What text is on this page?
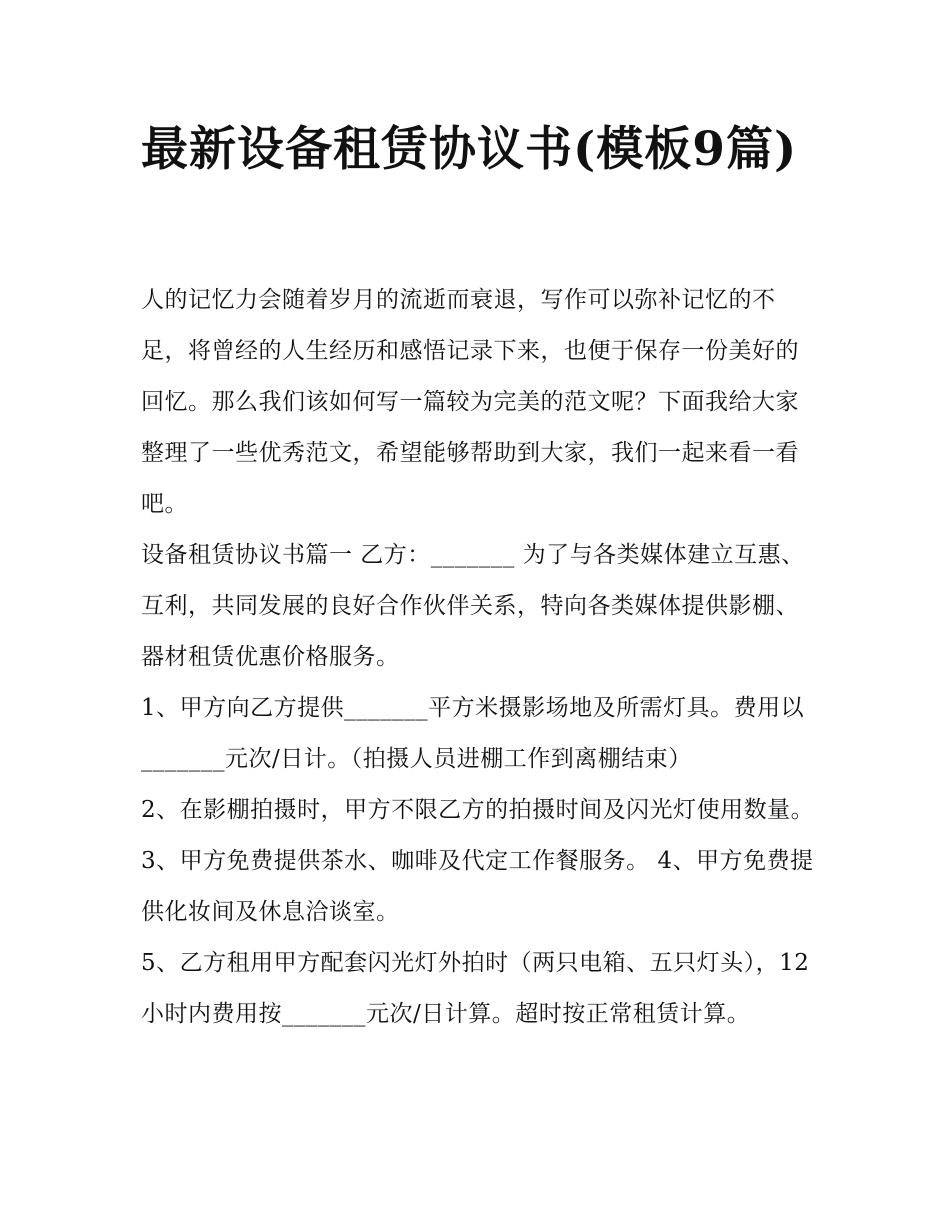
最新设备租赁协议书(模板9篇)

人的记忆力会随着岁月的流逝而衰退，写作可以弥补记忆的不足，将曾经的人生经历和感悟记录下来，也便于保存一份美好的回忆。那么我们该如何写一篇较为完美的范文呢？下面我给大家整理了一些优秀范文，希望能够帮助到大家，我们一起来看一看吧。

设备租赁协议书篇一 乙方：_______ 为了与各类媒体建立互惠、互利，共同发展的良好合作伙伴关系，特向各类媒体提供影棚、器材租赁优惠价格服务。

1、甲方向乙方提供_______平方米摄影场地及所需灯具。费用以_______元次/日计。（拍摄人员进棚工作到离棚结束）

2、在影棚拍摄时，甲方不限乙方的拍摄时间及闪光灯使用数量。 3、甲方免费提供茶水、咖啡及代定工作餐服务。 4、甲方免费提供化妆间及休息洽谈室。

5、乙方租用甲方配套闪光灯外拍时（两只电箱、五只灯头），12小时内费用按_______元次/日计算。超时按正常租赁计算。
